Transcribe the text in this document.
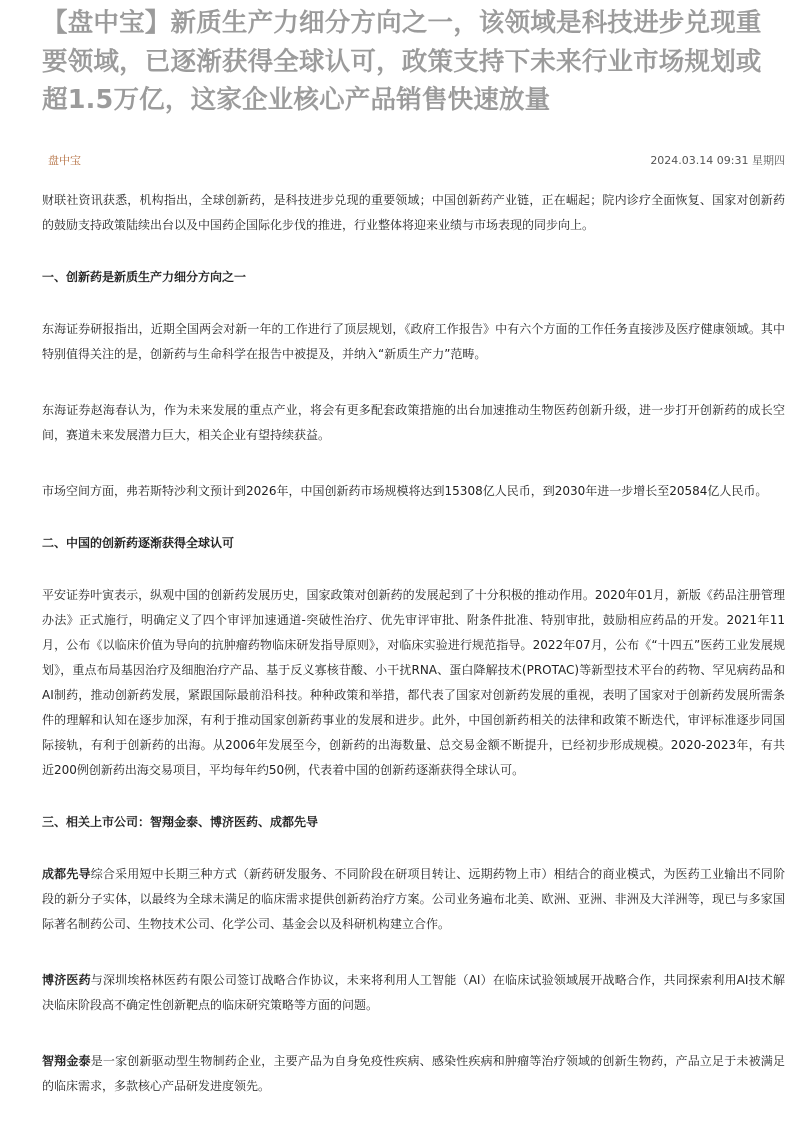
【盘中宝】新质生产力细分方向之一，该领域是科技进步兑现重要领域，已逐渐获得全球认可，政策支持下未来行业市场规划或超1.5万亿，这家企业核心产品销售快速放量
盘中宝	2024.03.14 09:31 星期四

财联社资讯获悉，机构指出，全球创新药，是科技进步兑现的重要领域；中国创新药产业链，正在崛起；院内诊疗全面恢复、国家对创新药的鼓励支持政策陆续出台以及中国药企国际化步伐的推进，行业整体将迎来业绩与市场表现的同步向上。

一、创新药是新质生产力细分方向之一

东海证券研报指出，近期全国两会对新一年的工作进行了顶层规划，《政府工作报告》中有六个方面的工作任务直接涉及医疗健康领域。其中特别值得关注的是，创新药与生命科学在报告中被提及，并纳入“新质生产力”范畴。

东海证券赵海春认为，作为未来发展的重点产业，将会有更多配套政策措施的出台加速推动生物医药创新升级，进一步打开创新药的成长空间，赛道未来发展潜力巨大，相关企业有望持续获益。

市场空间方面，弗若斯特沙利文预计到2026年，中国创新药市场规模将达到15308亿人民币，到2030年进一步增长至20584亿人民币。

二、中国的创新药逐渐获得全球认可

平安证券叶寅表示，纵观中国的创新药发展历史，国家政策对创新药的发展起到了十分积极的推动作用。2020年01月，新版《药品注册管理办法》正式施行，明确定义了四个审评加速通道-突破性治疗、优先审评审批、附条件批准、特别审批，鼓励相应药品的开发。2021年11月，公布《以临床价值为导向的抗肿瘤药物临床研发指导原则》，对临床实验进行规范指导。2022年07月，公布《“十四五”医药工业发展规划》，重点布局基因治疗及细胞治疗产品、基于反义寡核苷酸、小干扰RNA、蛋白降解技术(PROTAC)等新型技术平台的药物、罕见病药品和AI制药，推动创新药发展，紧跟国际最前沿科技。种种政策和举措，都代表了国家对创新药发展的重视，表明了国家对于创新药发展所需条件的理解和认知在逐步加深，有利于推动国家创新药事业的发展和进步。此外，中国创新药相关的法律和政策不断迭代，审评标准逐步同国际接轨，有利于创新药的出海。从2006年发展至今，创新药的出海数量、总交易金额不断提升，已经初步形成规模。2020-2023年，有共近200例创新药出海交易项目，平均每年约50例，代表着中国的创新药逐渐获得全球认可。

三、相关上市公司：智翔金泰、博济医药、成都先导

成都先导综合采用短中长期三种方式（新药研发服务、不同阶段在研项目转让、远期药物上市）相结合的商业模式，为医药工业输出不同阶段的新分子实体，以最终为全球未满足的临床需求提供创新药治疗方案。公司业务遍布北美、欧洲、亚洲、非洲及大洋洲等，现已与多家国际著名制药公司、生物技术公司、化学公司、基金会以及科研机构建立合作。

博济医药与深圳埃格林医药有限公司签订战略合作协议，未来将利用人工智能（AI）在临床试验领域展开战略合作，共同探索利用AI技术解决临床阶段高不确定性创新靶点的临床研究策略等方面的问题。

智翔金泰是一家创新驱动型生物制药企业，主要产品为自身免疫性疾病、感染性疾病和肿瘤等治疗领域的创新生物药，产品立足于未被满足的临床需求，多款核心产品研发进度领先。
